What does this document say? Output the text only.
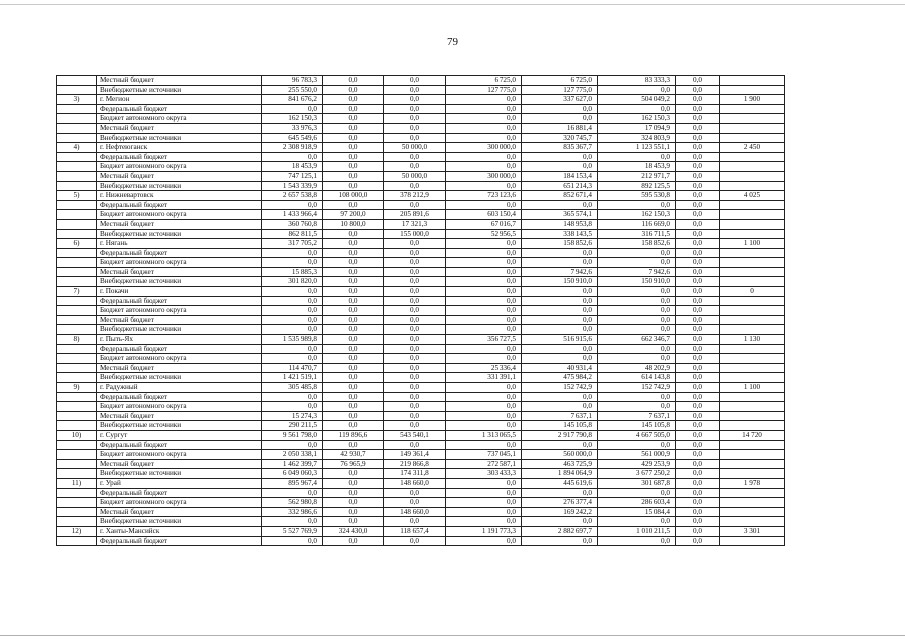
79
	Местный бюджет	96 783,3	0,0	0,0	6 725,0	6 725,0	83 333,3	0,0	
	Внебюджетные источники	255 550,0	0,0	0,0	127 775,0	127 775,0	0,0	0,0	
3)	г. Мегион	841 676,2	0,0	0,0	0,0	337 627,0	504 049,2	0,0	1 900
	Федеральный бюджет	0,0	0,0	0,0	0,0	0,0	0,0	0,0	
	Бюджет автономного округа	162 150,3	0,0	0,0	0,0	0,0	162 150,3	0,0	
	Местный бюджет	33 976,3	0,0	0,0	0,0	16 881,4	17 094,9	0,0	
	Внебюджетные источники	645 549,6	0,0	0,0	0,0	320 745,7	324 803,9	0,0	
4)	г. Нефтеюганск	2 308 918,9	0,0	50 000,0	300 000,0	835 367,7	1 123 551,1	0,0	2 450
	Федеральный бюджет	0,0	0,0	0,0	0,0	0,0	0,0	0,0	
	Бюджет автономного округа	18 453,9	0,0	0,0	0,0	0,0	18 453,9	0,0	
	Местный бюджет	747 125,1	0,0	50 000,0	300 000,0	184 153,4	212 971,7	0,0	
	Внебюджетные источники	1 543 339,9	0,0	0,0	0,0	651 214,3	892 125,5	0,0	
5)	г. Нижневартовск	2 657 538,8	108 000,0	378 212,9	723 123,6	852 671,4	595 530,8	0,0	4 025
	Федеральный бюджет	0,0	0,0	0,0	0,0	0,0	0,0	0,0	
	Бюджет автономного округа	1 433 966,4	97 200,0	205 891,6	603 150,4	365 574,1	162 150,3	0,0	
	Местный бюджет	360 760,8	10 800,0	17 321,3	67 016,7	148 953,8	116 669,0	0,0	
	Внебюджетные источники	862 811,5	0,0	155 000,0	52 956,5	338 143,5	316 711,5	0,0	
6)	г. Нягань	317 705,2	0,0	0,0	0,0	158 852,6	158 852,6	0,0	1 100
	Федеральный бюджет	0,0	0,0	0,0	0,0	0,0	0,0	0,0	
	Бюджет автономного округа	0,0	0,0	0,0	0,0	0,0	0,0	0,0	
	Местный бюджет	15 885,3	0,0	0,0	0,0	7 942,6	7 942,6	0,0	
	Внебюджетные источники	301 820,0	0,0	0,0	0,0	150 910,0	150 910,0	0,0	
7)	г. Покачи	0,0	0,0	0,0	0,0	0,0	0,0	0,0	0
	Федеральный бюджет	0,0	0,0	0,0	0,0	0,0	0,0	0,0	
	Бюджет автономного округа	0,0	0,0	0,0	0,0	0,0	0,0	0,0	
	Местный бюджет	0,0	0,0	0,0	0,0	0,0	0,0	0,0	
	Внебюджетные источники	0,0	0,0	0,0	0,0	0,0	0,0	0,0	
8)	г. Пыть-Ях	1 535 989,8	0,0	0,0	356 727,5	516 915,6	662 346,7	0,0	1 130
	Федеральный бюджет	0,0	0,0	0,0	0,0	0,0	0,0	0,0	
	Бюджет автономного округа	0,0	0,0	0,0	0,0	0,0	0,0	0,0	
	Местный бюджет	114 470,7	0,0	0,0	25 336,4	40 931,4	48 202,9	0,0	
	Внебюджетные источники	1 421 519,1	0,0	0,0	331 391,1	475 984,2	614 143,8	0,0	
9)	г. Радужный	305 485,8	0,0	0,0	0,0	152 742,9	152 742,9	0,0	1 100
	Федеральный бюджет	0,0	0,0	0,0	0,0	0,0	0,0	0,0	
	Бюджет автономного округа	0,0	0,0	0,0	0,0	0,0	0,0	0,0	
	Местный бюджет	15 274,3	0,0	0,0	0,0	7 637,1	7 637,1	0,0	
	Внебюджетные источники	290 211,5	0,0	0,0	0,0	145 105,8	145 105,8	0,0	
10)	г. Сургут	9 561 798,0	119 896,6	543 540,1	1 313 065,5	2 917 790,8	4 667 505,0	0,0	14 720
	Федеральный бюджет	0,0	0,0	0,0	0,0	0,0	0,0	0,0	
	Бюджет автономного округа	2 050 338,1	42 930,7	149 361,4	737 045,1	560 000,0	561 000,9	0,0	
	Местный бюджет	1 462 399,7	76 965,9	219 866,8	272 587,1	463 725,9	429 253,9	0,0	
	Внебюджетные источники	6 049 060,3	0,0	174 311,8	303 433,3	1 894 064,9	3 677 250,2	0,0	
11)	г. Урай	895 967,4	0,0	148 660,0	0,0	445 619,6	301 687,8	0,0	1 978
	Федеральный бюджет	0,0	0,0	0,0	0,0	0,0	0,0	0,0	
	Бюджет автономного округа	562 980,8	0,0	0,0	0,0	276 377,4	286 603,4	0,0	
	Местный бюджет	332 986,6	0,0	148 660,0	0,0	169 242,2	15 084,4	0,0	
	Внебюджетные источники	0,0	0,0	0,0	0,0	0,0	0,0	0,0	
12)	г. Ханты-Мансийск	5 527 769,9	324 430,0	118 657,4	1 191 773,3	2 882 697,7	1 010 211,5	0,0	3 301
	Федеральный бюджет	0,0	0,0	0,0	0,0	0,0	0,0	0,0	
